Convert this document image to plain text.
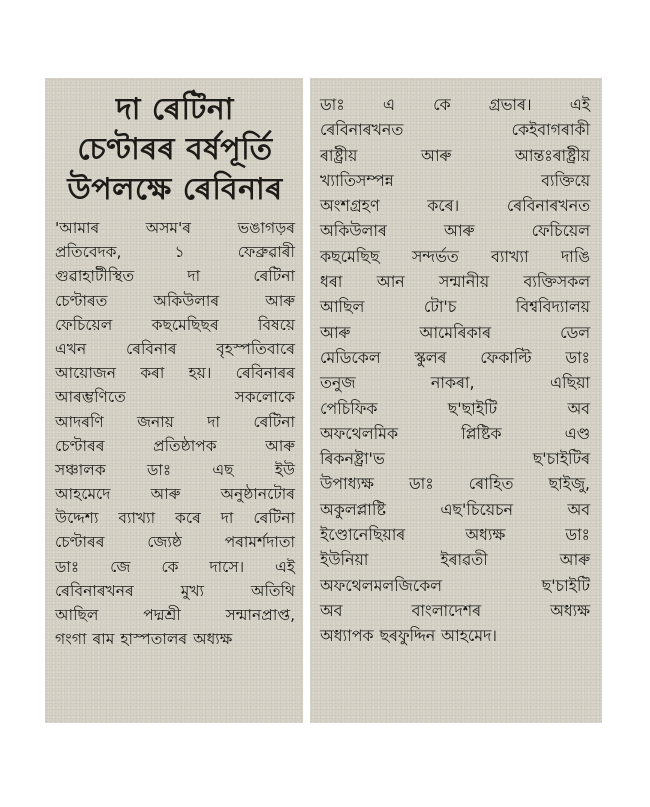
দা ৰেটিনা
চেণ্টাৰৰ বৰ্ষপূৰ্তি
উপলক্ষে ৰেবিনাৰ
'আমাৰ	অসম'ৰ	ভঙাগড়ৰ
প্ৰতিবেদক,	১	ফেব্ৰুৱাৰী
গুৱাহাটীস্থিত	দা	ৰেটিনা
চেণ্টাৰত	অকিউলাৰ	আৰু
ফেচিয়েল	কছমেছিছৰ	বিষয়ে
এখন	ৰেবিনাৰ	বৃহস্পতিবাৰে
আয়োজন কৰা হয়। ৰেবিনাৰৰ
আৰম্ভণিতে	সকলোকে
আদৰণি জনায় দা ৰেটিনা
চেণ্টাৰৰ	প্ৰতিষ্ঠাপক	আৰু
সঞ্চালক	ডাঃ	এছ	ইউ
আহমেদে	আৰু	অনুষ্ঠানটোৰ
উদ্দেশ্য ব্যাখ্যা কৰে দা ৰেটিনা
চেণ্টাৰৰ	জ্যেষ্ঠ	পৰামৰ্শদাতা
ডাঃ জে কে দাসে। এই
ৰেবিনাৰখনৰ	মুখ্য	অতিথি
আছিল	পদ্মশ্ৰী	সন্মানপ্ৰাপ্ত,
গংগা ৰাম হাস্পতালৰ অধ্যক্ষ
ডাঃ এ কে গ্ৰভাৰ। এই
ৰেবিনাৰখনত	কেইবাগৰাকী
ৰাষ্ট্ৰীয়	আৰু	আন্তঃৰাষ্ট্ৰীয়
খ্যাতিসম্পন্ন	ব্যক্তিয়ে
অংশগ্ৰহণ	কৰে।	ৰেবিনাৰখনত
অকিউলাৰ	আৰু	ফেচিয়েল
কছমেছিছ সন্দৰ্ভত ব্যাখ্যা দাঙি
ধৰা আন সন্মানীয় ব্যক্তিসকল
আছিল	টো'চ	বিশ্ববিদ্যালয়
আৰু	আমেৰিকাৰ	ডেল
মেডিকেল স্কুলৰ ফেকাল্টি ডাঃ
তনুজ	নাকৰা,	এছিয়া
পেচিফিক	ছ'ছাইটি	অব
অফথেলমিক	প্লিষ্টিক	এণ্ড
ৰিকনষ্ট্ৰা'ভ	ছ'চাইটিৰ
উপাধ্যক্ষ ডাঃ ৰোহিত ছাইজু,
অকুলপ্লাষ্টি	এছ'চিয়েচন	অব
ইণ্ডোনেছিয়াৰ	অধ্যক্ষ	ডাঃ
ইউনিয়া	ইৰাৱতী	আৰু
অফথেলমলজিকেল	ছ'চাইটি
অব	বাংলাদেশৰ	অধ্যক্ষ
অধ্যাপক ছৰফুদ্দিন আহমেদ।
